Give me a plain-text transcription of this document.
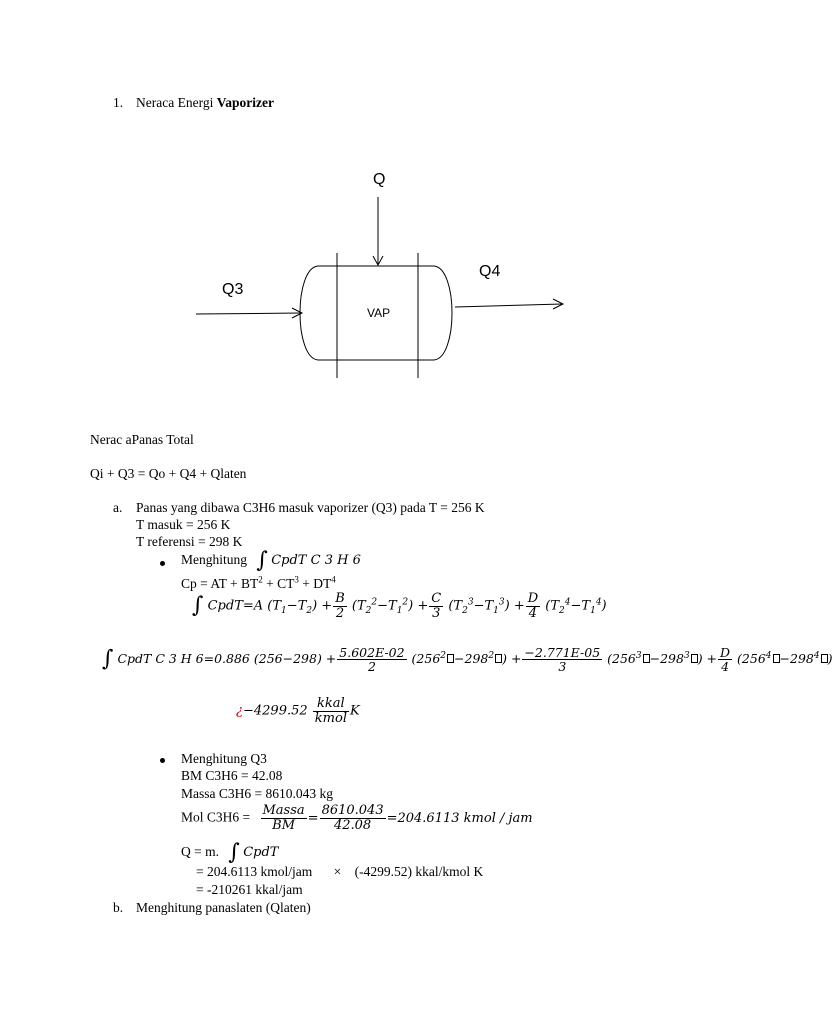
1. Neraca Energi Vaporizer
Q
Q3
Q4
VAP
Nerac aPanas Total
Qi + Q3 = Qo + Q4 + Qlaten
a. Panas yang dibawa C3H6 masuk vaporizer (Q3) pada T = 256 K
T masuk = 256 K
T referensi = 298 K
Menghitung ∫ CpdT C 3 H 6
Cp = AT + $BT^2 + CT^3 + DT^4$
∫ CpdT=A $(T_1-T_2) + \frac{B}{2} (T_2^2-T_1^2) + \frac{C}{3} (T_2^3-T_1^3) + \frac{D}{4} (T_2^4-T_1^4)$
∫ CpdT C 3 H 6=0.886 $(256-298) + \frac{5.602E-02}{2} (256^2 -298^2$ ) + $\frac{-2.771E-05}{3} (256^3 -298^3$ ) + $\frac{D}{4} (256^4 -298^4$ )
¿$-4299.52 \frac{\text{kkal}}{\text{kmol}}$ K
Menghitung Q3
BM C3H6 = 42.08
Massa C3H6 = 8610.043 kg
Mol $C3H6 = \frac{\text{Massa}}{BM} = \frac{8610.043}{42.08} =204.6113$ kmol / jam
Q = m. ∫ CpdT
= 204.6113 kmol/jam × (-4299.52) kkal/kmol K
= -210261 kkal/jam
b. Menghitung panaslaten (Qlaten)
